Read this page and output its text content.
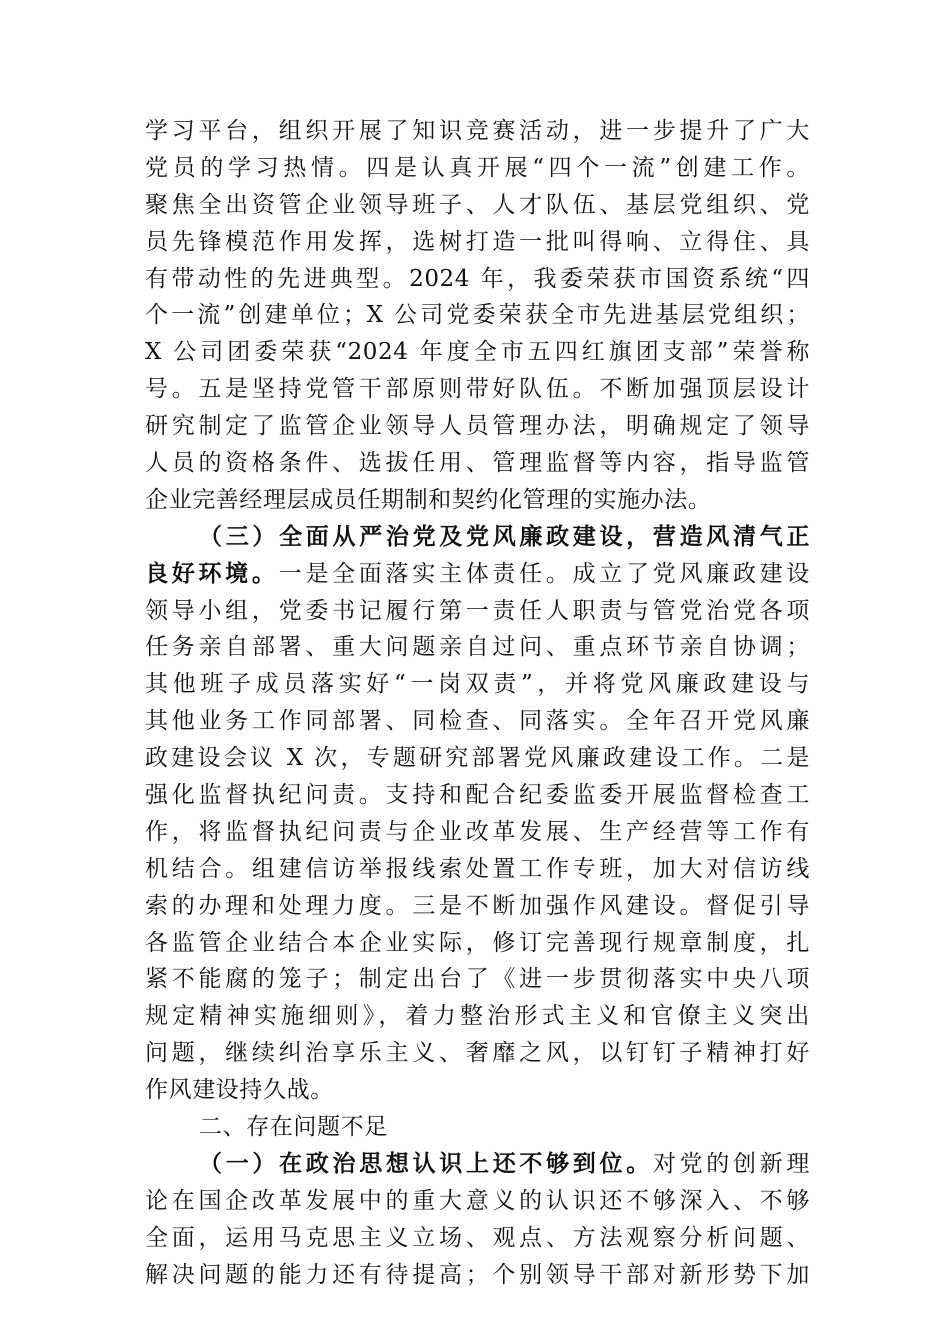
学习平台，组织开展了知识竞赛活动，进一步提升了广大
党员的学习热情。四是认真开展“四个一流”创建工作。
聚焦全出资管企业领导班子、人才队伍、基层党组织、党
员先锋模范作用发挥，选树打造一批叫得响、立得住、具
有带动性的先进典型。2024 年，我委荣获市国资系统“四
个一流”创建单位；X 公司党委荣获全市先进基层党组织；
X 公司团委荣获“2024 年度全市五四红旗团支部”荣誉称
号。五是坚持党管干部原则带好队伍。不断加强顶层设计
研究制定了监管企业领导人员管理办法，明确规定了领导
人员的资格条件、选拔任用、管理监督等内容，指导监管
企业完善经理层成员任期制和契约化管理的实施办法。
（三）全面从严治党及党风廉政建设，营造风清气正
良好环境。一是全面落实主体责任。成立了党风廉政建设
领导小组，党委书记履行第一责任人职责与管党治党各项
任务亲自部署、重大问题亲自过问、重点环节亲自协调；
其他班子成员落实好“一岗双责”，并将党风廉政建设与
其他业务工作同部署、同检查、同落实。全年召开党风廉
政建设会议 X 次，专题研究部署党风廉政建设工作。二是
强化监督执纪问责。支持和配合纪委监委开展监督检查工
作，将监督执纪问责与企业改革发展、生产经营等工作有
机结合。组建信访举报线索处置工作专班，加大对信访线
索的办理和处理力度。三是不断加强作风建设。督促引导
各监管企业结合本企业实际，修订完善现行规章制度，扎
紧不能腐的笼子；制定出台了《进一步贯彻落实中央八项
规定精神实施细则》，着力整治形式主义和官僚主义突出
问题，继续纠治享乐主义、奢靡之风，以钉钉子精神打好
作风建设持久战。
二、存在问题不足
（一）在政治思想认识上还不够到位。对党的创新理
论在国企改革发展中的重大意义的认识还不够深入、不够
全面，运用马克思主义立场、观点、方法观察分析问题、
解决问题的能力还有待提高；个别领导干部对新形势下加
